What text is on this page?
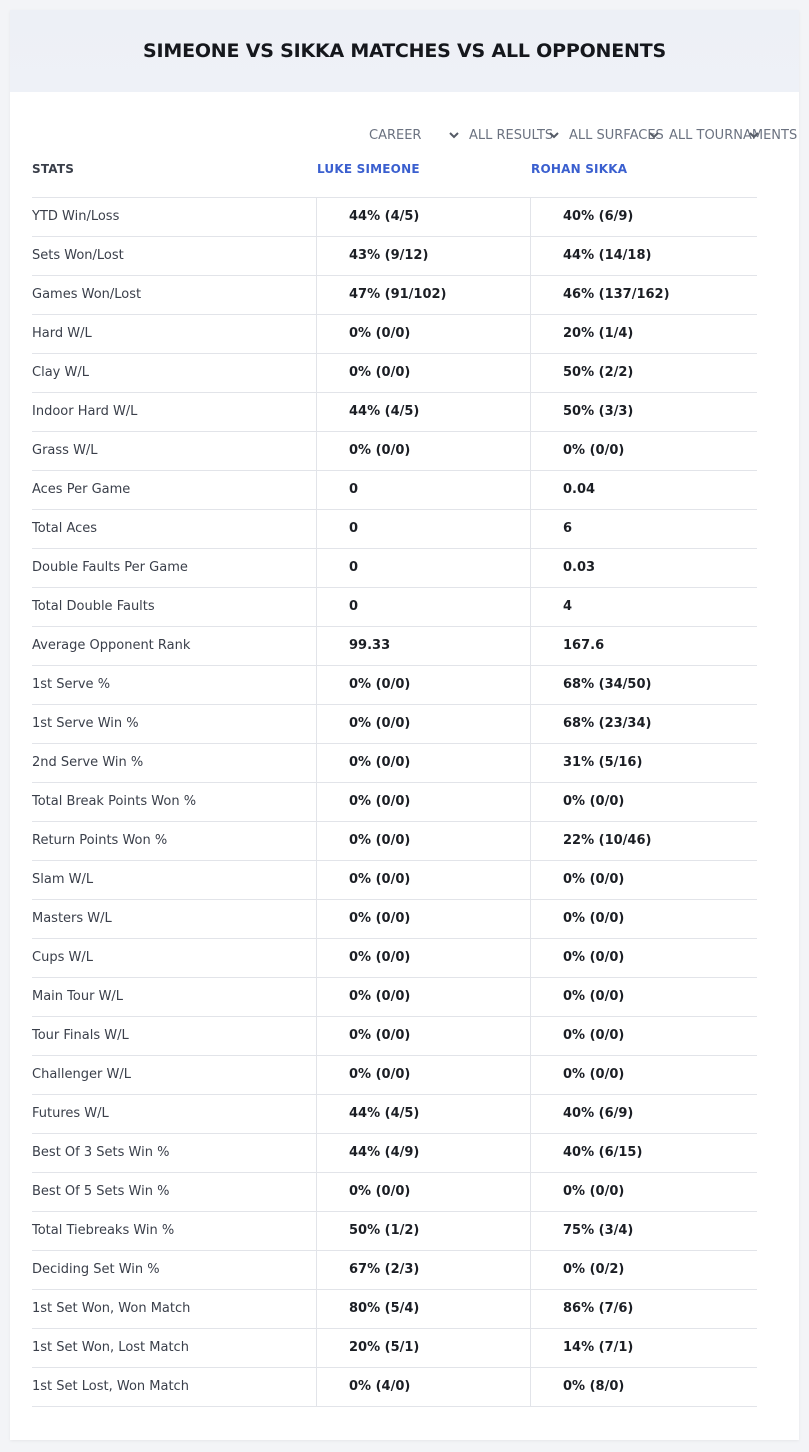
SIMEONE VS SIKKA MATCHES VS ALL OPPONENTS
CAREER	ALL RESULTS ALL SURFACES ALL TOURNAMENTS
STATS	LUKE SIMEONE	ROHAN SIKKA
YTD Win/Loss	44% (4/5)	40% (6/9)
Sets Won/Lost	43% (9/12)	44% (14/18)
Games Won/Lost	47% (91/102)	46% (137/162)
Hard W/L	0% (0/0)	20% (1/4)
Clay W/L	0% (0/0)	50% (2/2)
Indoor Hard W/L	44% (4/5)	50% (3/3)
Grass W/L	0% (0/0)	0% (0/0)
Aces Per Game	0	0.04
Total Aces	0	6
Double Faults Per Game	0	0.03
Total Double Faults	0	4
Average Opponent Rank	99.33	167.6
1st Serve %	0% (0/0)	68% (34/50)
1st Serve Win %	0% (0/0)	68% (23/34)
2nd Serve Win %	0% (0/0)	31% (5/16)
Total Break Points Won %	0% (0/0)	0% (0/0)
Return Points Won %	0% (0/0)	22% (10/46)
Slam W/L	0% (0/0)	0% (0/0)
Masters W/L	0% (0/0)	0% (0/0)
Cups W/L	0% (0/0)	0% (0/0)
Main Tour W/L	0% (0/0)	0% (0/0)
Tour Finals W/L	0% (0/0)	0% (0/0)
Challenger W/L	0% (0/0)	0% (0/0)
Futures W/L	44% (4/5)	40% (6/9)
Best Of 3 Sets Win %	44% (4/9)	40% (6/15)
Best Of 5 Sets Win %	0% (0/0)	0% (0/0)
Total Tiebreaks Win %	50% (1/2)	75% (3/4)
Deciding Set Win %	67% (2/3)	0% (0/2)
1st Set Won, Won Match	80% (5/4)	86% (7/6)
1st Set Won, Lost Match	20% (5/1)	14% (7/1)
1st Set Lost, Won Match	0% (4/0)	0% (8/0)
